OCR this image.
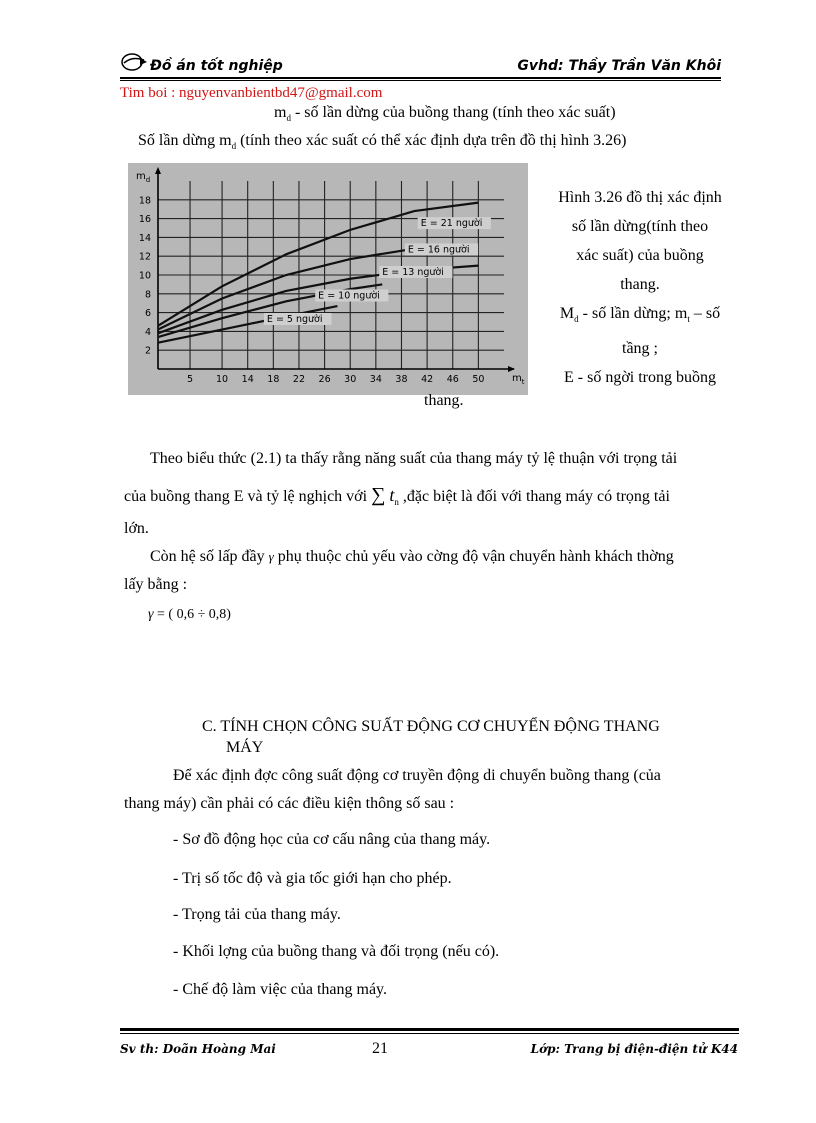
Đồ án tốt nghiệp	Gvhd: Thầy Trần Văn Khôi
Tim boi : nguyenvanbientbd47@gmail.com
$m_d$ - số lần dừng của buồng thang (tính theo xác suất)
Số lần dừng $m_d$ (tính theo xác suất có thể xác định dựa trên đồ thị hình 3.26)
5 10 14 18 22 26 30 34 38 42 46 50
2
4
6
8
10
12
14
16
18
E = 21 người
E = 16 người
E = 13 người
E = 10 người
E = 5 người
$m_d$
$m_t$
Hình 3.26 đồ thị xác định
số lần dừng(tính theo
xác suất) của buồng
thang.
$M_d$ - số lần dừng; $m_t$ – số
tầng ;
E - số ngời trong buồng
thang.
Theo biểu thức (2.1) ta thấy rằng năng suất của thang máy tỷ lệ thuận với trọng tải
của buồng thang E và tỷ lệ nghịch với ∑ $t_n$ ,đặc biệt là đối với thang máy có trọng tải
lớn.
Còn hệ số lấp đầy γ phụ thuộc chủ yếu vào cờng độ vận chuyển hành khách thờng
lấy bằng :
γ = ( 0,6 ÷ 0,8)
C. TÍNH CHỌN CÔNG SUẤT ĐỘNG CƠ CHUYỂN ĐỘNG THANG
MÁY
Để xác định đợc công suất động cơ truyền động di chuyển buồng thang (của
thang máy) cần phải có các điều kiện thông số sau :
- Sơ đồ động học của cơ cấu nâng của thang máy.
- Trị số tốc độ và gia tốc giới hạn cho phép.
- Trọng tải của thang máy.
- Khối lợng của buồng thang và đối trọng (nếu có).
- Chế độ làm việc của thang máy.
Sv th: Doãn Hoàng Mai	21	Lớp: Trang bị điện-điện tử K44
